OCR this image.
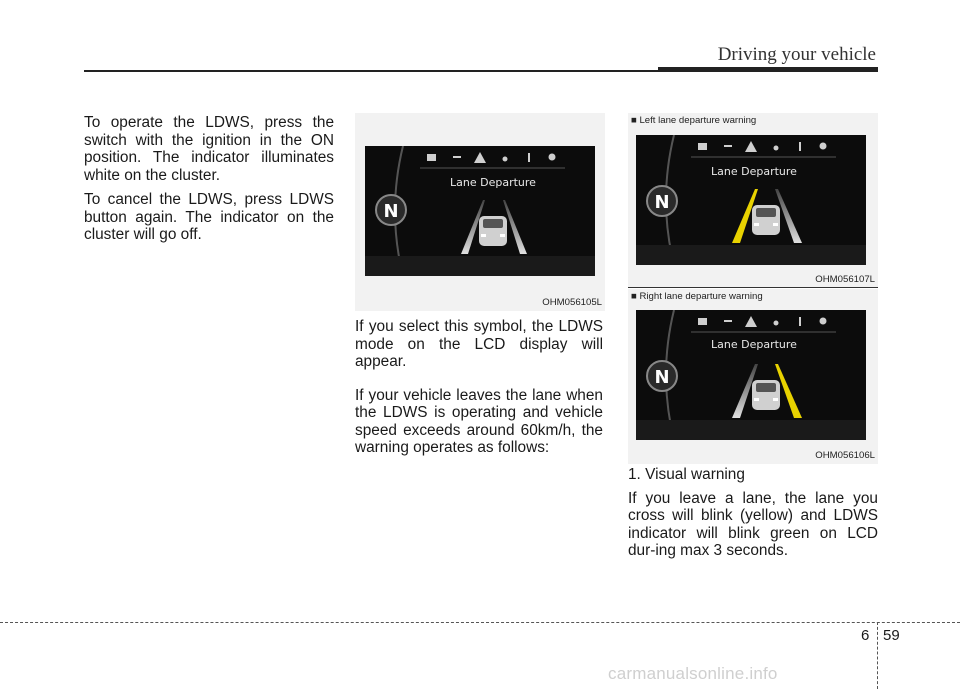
Driving your vehicle

To operate the LDWS, press the switch with the ignition in the ON position. The indicator illuminates white on the cluster.

To cancel the LDWS, press LDWS button again. The indicator on the cluster will go off.

Lane Departure
N
OHM056105L
■ Left lane departure warning
Lane Departure
N
OHM056107L
■ Right lane departure warning
Lane Departure
N
OHM056106L

If you select this symbol, the LDWS mode on the LCD display will appear.

If your vehicle leaves the lane when the LDWS is operating and vehicle speed exceeds around 60km/h, the warning operates as follows:

1. Visual warning

If you leave a lane, the lane you cross will blink (yellow) and LDWS indicator will blink green on LCD dur-ing max 3 seconds.

6 59
carmanualsonline.info
